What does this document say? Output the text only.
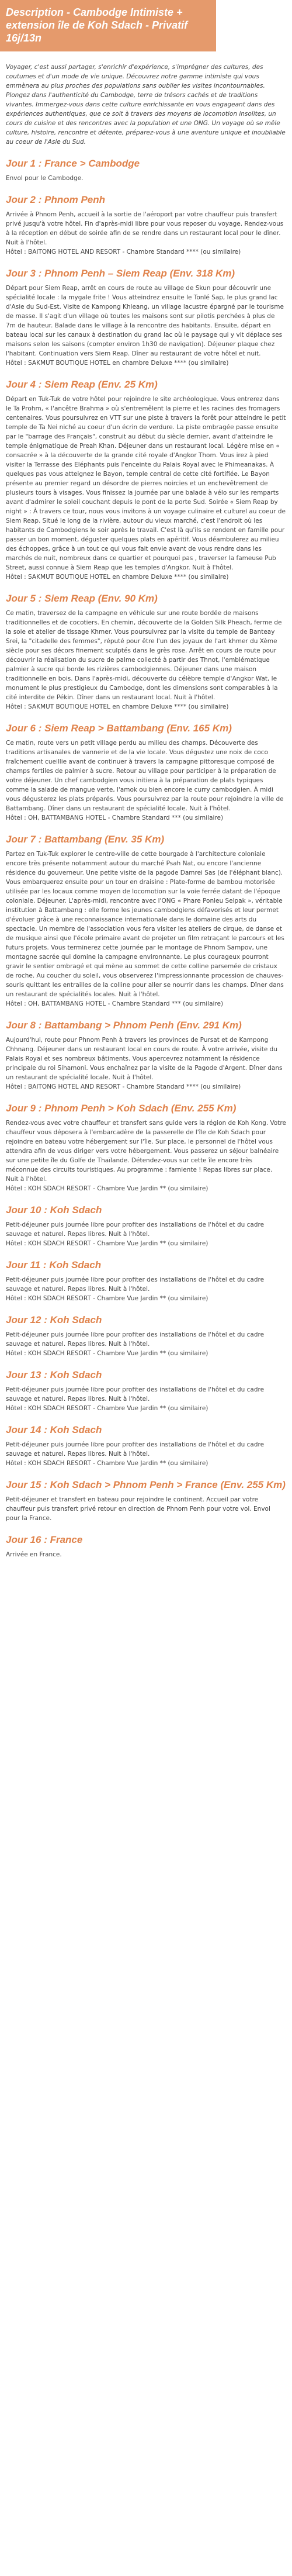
Description - Cambodge Intimiste + extension île de Koh Sdach - Privatif 16j/13n

Voyager, c'est aussi partager, s'enrichir d'expérience, s'imprégner des cultures, des coutumes et d'un mode de vie unique. Découvrez notre gamme intimiste qui vous emmènera au plus proches des populations sans oublier les visites incontournables. Plongez dans l'authenticité du Cambodge, terre de trésors cachés et de traditions vivantes. Immergez-vous dans cette culture enrichissante en vous engageant dans des expériences authentiques, que ce soit à travers des moyens de locomotion insolites, un cours de cuisine et des rencontres avec la population et une ONG. Un voyage où se mêle culture, histoire, rencontre et détente, préparez-vous à une aventure unique et inoubliable au coeur de l'Asie du Sud.

Jour 1 : France > Cambodge

Envol pour le Cambodge.

Jour 2 : Phnom Penh

Arrivée à Phnom Penh, accueil à la sortie de l'aéroport par votre chauffeur puis transfert privé jusqu'à votre hôtel. Fin d'après-midi libre pour vous reposer du voyage. Rendez-vous à la réception en début de soirée afin de se rendre dans un restaurant local pour le dîner. Nuit à l'hôtel.

Hôtel : BAITONG HOTEL AND RESORT - Chambre Standard **** (ou similaire)

Jour 3 : Phnom Penh – Siem Reap (Env. 318 Km)

Départ pour Siem Reap, arrêt en cours de route au village de Skun pour découvrir une spécialité locale : la mygale frite ! Vous atteindrez ensuite le Tonlé Sap, le plus grand lac d'Asie du Sud-Est. Visite de Kampong Khleang, un village lacustre épargné par le tourisme de masse. Il s'agit d'un village où toutes les maisons sont sur pilotis perchées à plus de 7m de hauteur. Balade dans le village à la rencontre des habitants. Ensuite, départ en bateau local sur les canaux à destination du grand lac où le paysage qui y vit déplace ses maisons selon les saisons (compter environ 1h30 de navigation). Déjeuner plaque chez l'habitant. Continuation vers Siem Reap. Dîner au restaurant de votre hôtel et nuit.

Hôtel : SAKMUT BOUTIQUE HOTEL en chambre Deluxe **** (ou similaire)

Jour 4 : Siem Reap (Env. 25 Km)

Départ en Tuk-Tuk de votre hôtel pour rejoindre le site archéologique. Vous entrerez dans le Ta Prohm, « l'ancêtre Brahma » où s'entremêlent la pierre et les racines des fromagers centenaires. Vous poursuivrez en VTT sur une piste à travers la forêt pour atteindre le petit temple de Ta Nei niché au coeur d'un écrin de verdure. La piste ombragée passe ensuite par le "barrage des Français", construit au début du siècle dernier, avant d'atteindre le temple énigmatique de Preah Khan. Déjeuner dans un restaurant local. Légère mise en « consacrée » à la découverte de la grande cité royale d'Angkor Thom. Vous irez à pied visiter la Terrasse des Eléphants puis l'enceinte du Palais Royal avec le Phimeanakas. À quelques pas vous atteignez le Bayon, temple central de cette cité fortifiée. Le Bayon présente au premier regard un désordre de pierres noircies et un enchevêtrement de plusieurs tours à visages. Vous finissez la journée par une balade à vélo sur les remparts avant d'admirer le soleil couchant depuis le pont de la porte Sud. Soirée « Siem Reap by night » : À travers ce tour, nous vous invitons à un voyage culinaire et culturel au coeur de Siem Reap. Situé le long de la rivière, autour du vieux marché, c'est l'endroit où les habitants de Cambodgiens le soir après le travail. C'est là qu'ils se rendent en famille pour passer un bon moment, déguster quelques plats en apéritif. Vous déambulerez au milieu des échoppes, grâce à un tout ce qui vous fait envie avant de vous rendre dans les marchés de nuit, nombreux dans ce quartier et pourquoi pas , traverser la fameuse Pub Street, aussi connue à Siem Reap que les temples d'Angkor. Nuit à l'hôtel.

Hôtel : SAKMUT BOUTIQUE HOTEL en chambre Deluxe **** (ou similaire)

Jour 5 : Siem Reap (Env. 90 Km)

Ce matin, traversez de la campagne en véhicule sur une route bordée de maisons traditionnelles et de cocotiers. En chemin, découverte de la Golden Silk Pheach, ferme de la soie et atelier de tissage Khmer. Vous poursuivrez par la visite du temple de Banteay Srei, la "citadelle des femmes", réputé pour être l'un des joyaux de l'art khmer du Xème siècle pour ses décors finement sculptés dans le grès rose. Arrêt en cours de route pour découvrir la réalisation du sucre de palme collecté à partir des Thnot, l'emblématique palmier à sucre qui borde les rizières cambodgiennes. Déjeuner dans une maison traditionnelle en bois. Dans l'après-midi, découverte du célèbre temple d'Angkor Wat, le monument le plus prestigieux du Cambodge, dont les dimensions sont comparables à la cité interdite de Pékin. Dîner dans un restaurant local. Nuit à l'hôtel.

Hôtel : SAKMUT BOUTIQUE HOTEL en chambre Deluxe **** (ou similaire)

Jour 6 : Siem Reap > Battambang (Env. 165 Km)

Ce matin, route vers un petit village perdu au milieu des champs. Découverte des traditions artisanales de vannerie et de la vie locale. Vous dégustez une noix de coco fraîchement cueillie avant de continuer à travers la campagne pittoresque composé de champs fertiles de palmier à sucre. Retour au village pour participer à la préparation de votre déjeuner. Un chef cambodgien vous initiera à la préparation de plats typiques comme la salade de mangue verte, l'amok ou bien encore le curry cambodgien. À midi vous dégusterez les plats préparés. Vous poursuivrez par la route pour rejoindre la ville de Battambang. Dîner dans un restaurant de spécialité locale. Nuit à l'hôtel.

Hôtel : OH, BATTAMBANG HOTEL - Chambre Standard *** (ou similaire)

Jour 7 : Battambang (Env. 35 Km)

Partez en Tuk-Tuk explorer le centre-ville de cette bourgade à l'architecture coloniale encore très présente notamment autour du marché Psah Nat, ou encore l'ancienne résidence du gouverneur. Une petite visite de la pagode Damrei Sas (de l'éléphant blanc). Vous embarquerez ensuite pour un tour en draisine : Plate-forme de bambou motorisée utilisée par les locaux comme moyen de locomotion sur la voie ferrée datant de l'époque coloniale. Déjeuner. L'après-midi, rencontre avec l'ONG « Phare Ponleu Selpak », véritable institution à Battambang : elle forme les jeunes cambodgiens défavorisés et leur permet d'évoluer grâce à une reconnaissance internationale dans le domaine des arts du spectacle. Un membre de l'association vous fera visiter les ateliers de cirque, de danse et de musique ainsi que l'école primaire avant de projeter un film retraçant le parcours et les futurs projets. Vous terminerez cette journée par le montage de Phnom Sampov, une montagne sacrée qui domine la campagne environnante. Le plus courageux pourront gravir le sentier ombragé et qui mène au sommet de cette colline parsemée de cristaux de roche. Au coucher du soleil, vous observerez l'impressionnante procession de chauves-souris quittant les entrailles de la colline pour aller se nourrir dans les champs. Dîner dans un restaurant de spécialités locales. Nuit à l'hôtel.

Hôtel : OH, BATTAMBANG HOTEL - Chambre Standard *** (ou similaire)

Jour 8 : Battambang > Phnom Penh (Env. 291 Km)

Aujourd'hui, route pour Phnom Penh à travers les provinces de Pursat et de Kampong Chhnang. Déjeuner dans un restaurant local en cours de route. À votre arrivée, visite du Palais Royal et ses nombreux bâtiments. Vous apercevrez notamment la résidence principale du roi Sihamoni. Vous enchaînez par la visite de la Pagode d'Argent. Dîner dans un restaurant de spécialité locale. Nuit à l'hôtel.

Hôtel : BAITONG HOTEL AND RESORT - Chambre Standard **** (ou similaire)

Jour 9 : Phnom Penh > Koh Sdach (Env. 255 Km)

Rendez-vous avec votre chauffeur et transfert sans guide vers la région de Koh Kong. Votre chauffeur vous déposera à l'embarcadère de la passerelle de l'île de Koh Sdach pour rejoindre en bateau votre hébergement sur l'île. Sur place, le personnel de l'hôtel vous attendra afin de vous diriger vers votre hébergement. Vous passerez un séjour balnéaire sur une petite île du Golfe de Thaïlande. Détendez-vous sur cette île encore très méconnue des circuits touristiques. Au programme : farniente ! Repas libres sur place. Nuit à l'hôtel.

Hôtel : KOH SDACH RESORT - Chambre Vue Jardin ** (ou similaire)

Jour 10 : Koh Sdach

Petit-déjeuner puis journée libre pour profiter des installations de l'hôtel et du cadre sauvage et naturel. Repas libres. Nuit à l'hôtel.

Hôtel : KOH SDACH RESORT - Chambre Vue Jardin ** (ou similaire)

Jour 11 : Koh Sdach

Petit-déjeuner puis journée libre pour profiter des installations de l'hôtel et du cadre sauvage et naturel. Repas libres. Nuit à l'hôtel.

Hôtel : KOH SDACH RESORT - Chambre Vue Jardin ** (ou similaire)

Jour 12 : Koh Sdach

Petit-déjeuner puis journée libre pour profiter des installations de l'hôtel et du cadre sauvage et naturel. Repas libres. Nuit à l'hôtel.

Hôtel : KOH SDACH RESORT - Chambre Vue Jardin ** (ou similaire)

Jour 13 : Koh Sdach

Petit-déjeuner puis journée libre pour profiter des installations de l'hôtel et du cadre sauvage et naturel. Repas libres. Nuit à l'hôtel.

Hôtel : KOH SDACH RESORT - Chambre Vue Jardin ** (ou similaire)

Jour 14 : Koh Sdach

Petit-déjeuner puis journée libre pour profiter des installations de l'hôtel et du cadre sauvage et naturel. Repas libres. Nuit à l'hôtel.

Hôtel : KOH SDACH RESORT - Chambre Vue Jardin ** (ou similaire)

Jour 15 : Koh Sdach > Phnom Penh > France (Env. 255 Km)

Petit-déjeuner et transfert en bateau pour rejoindre le continent. Accueil par votre chauffeur puis transfert privé retour en direction de Phnom Penh pour votre vol. Envol pour la France.

Jour 16 : France

Arrivée en France.
